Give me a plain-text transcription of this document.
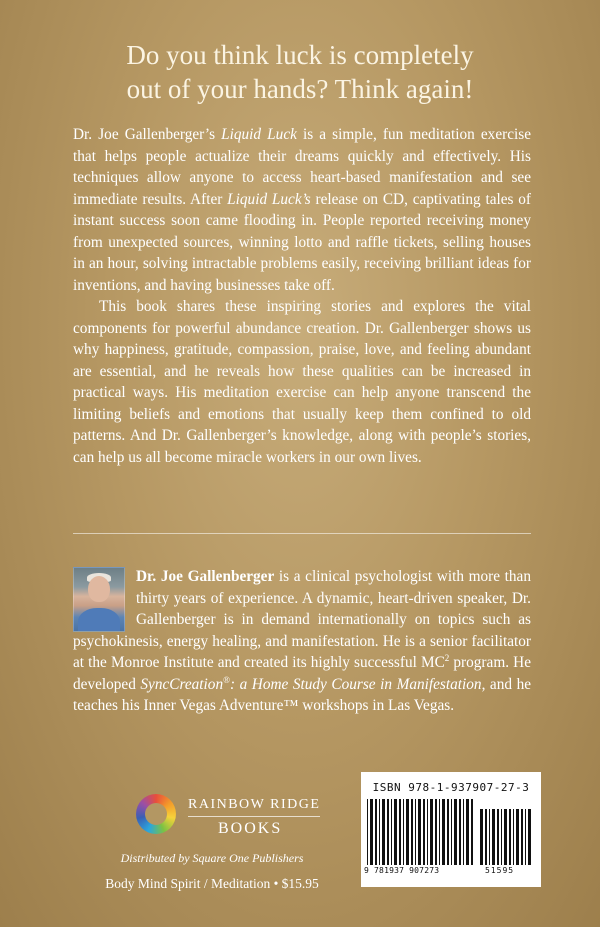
Do you think luck is completely
out of your hands? Think again!

Dr. Joe Gallenberger’s Liquid Luck is a simple, fun meditation exercise that helps people actualize their dreams quickly and effectively. His techniques allow anyone to access heart-based manifestation and see immediate results. After Liquid Luck’s release on CD, captivating tales of instant success soon came flooding in. People reported receiving money from unexpected sources, winning lotto and raffle tickets, selling houses in an hour, solving intractable problems easily, receiving brilliant ideas for inventions, and having businesses take off.

This book shares these inspiring stories and explores the vital components for powerful abundance creation. Dr. Gallenberger shows us why happiness, gratitude, compassion, praise, love, and feeling abundant are essential, and he reveals how these qualities can be increased in practical ways. His meditation exercise can help anyone transcend the limiting beliefs and emotions that usually keep them confined to old patterns. And Dr. Gallenberger’s knowledge, along with people’s stories, can help us all become miracle workers in our own lives.

Dr. Joe Gallenberger is a clinical psychologist with more than thirty years of experience. A dynamic, heart-driven speaker, Dr. Gallenberger is in demand internationally on topics such as psychokinesis, energy healing, and manifestation. He is a senior facilitator at the Monroe Institute and created its highly successful $MC^2$ program. He developed SyncCreation®: a Home Study Course in Manifestation, and he teaches his Inner Vegas Adventure™ workshops in Las Vegas.

RAINBOW RIDGE
BOOKS
Distributed by Square One Publishers
Body Mind Spirit / Meditation • $15.95
ISBN 978-1-937907-27-3
9 781937 907273	51595
